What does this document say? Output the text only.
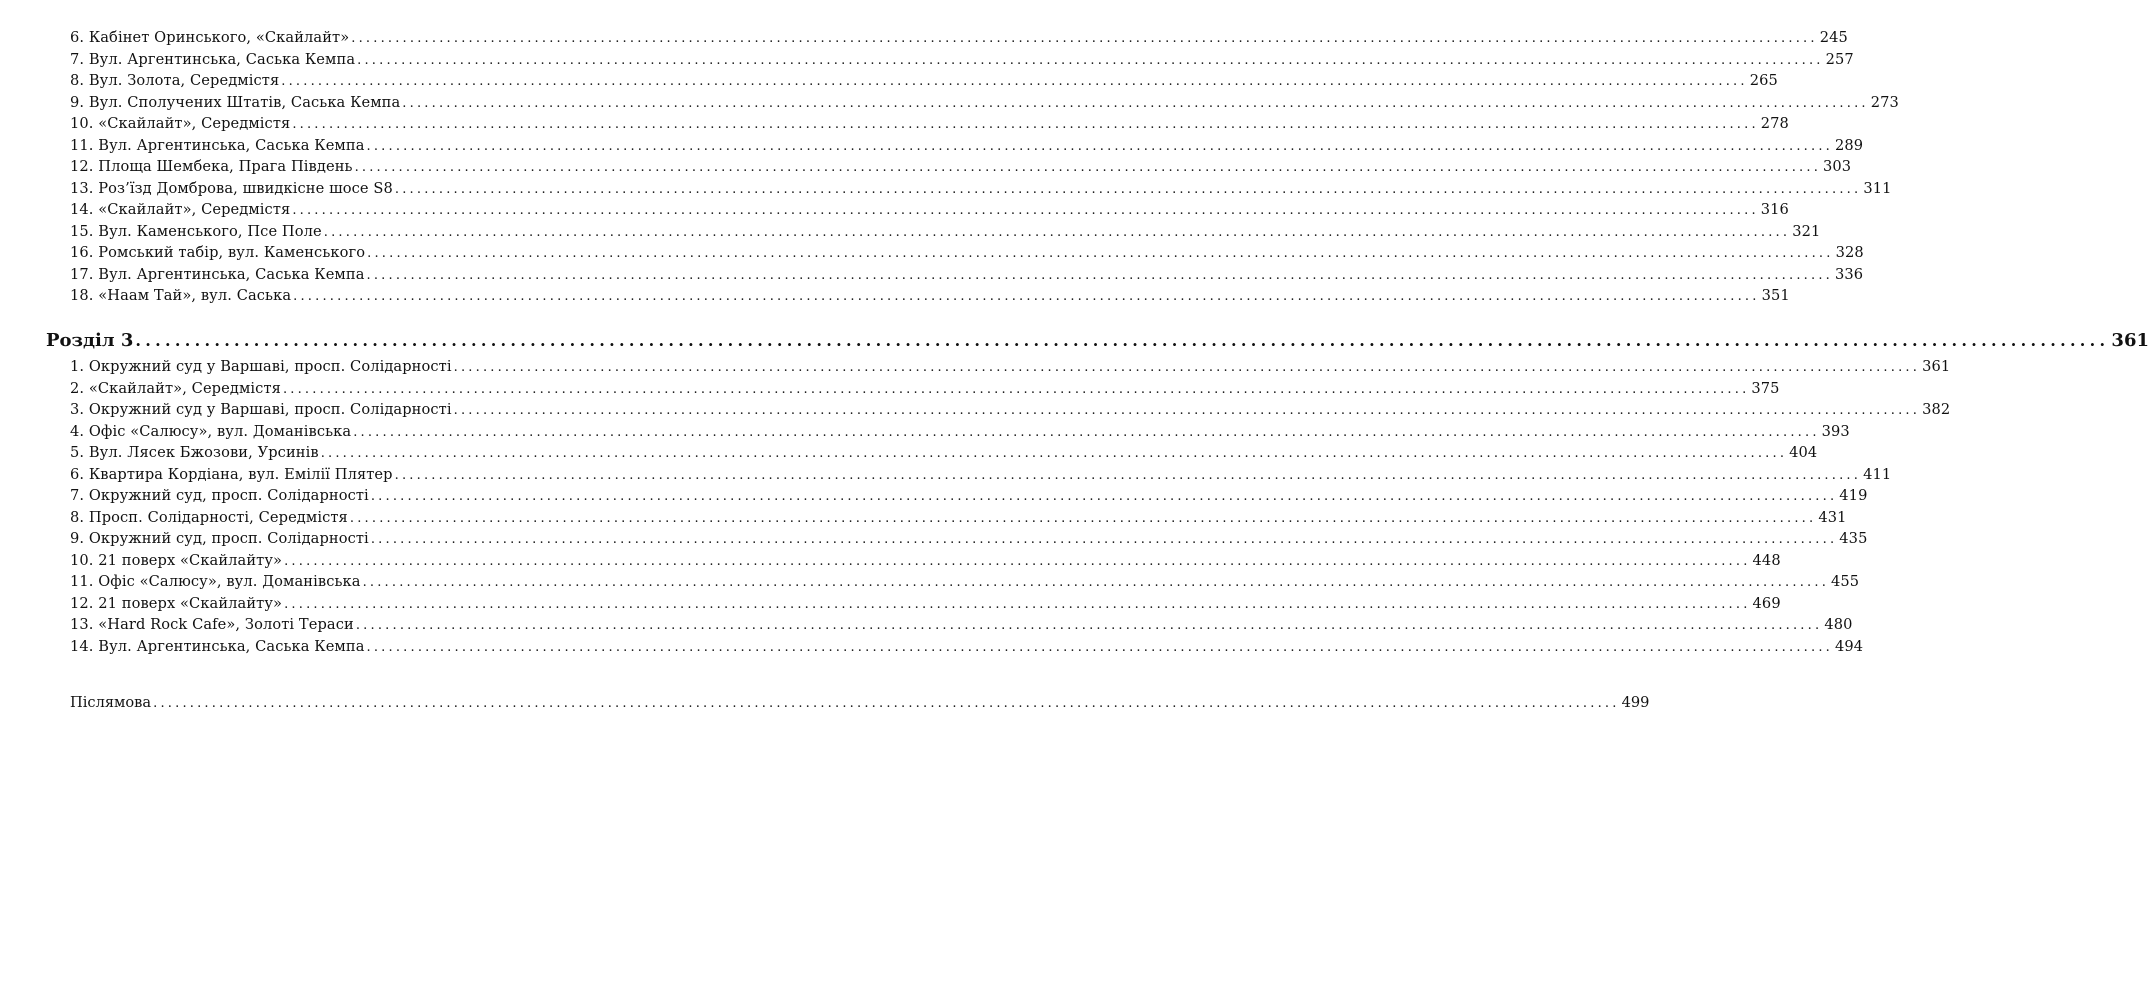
6. Кабінет Оринського, «Скайлайт» ........................................................................................................................................................................................................ 245
7. Вул. Аргентинська, Саська Кемпа ........................................................................................................................................................................................................ 257
8. Вул. Золота, Середмістя ........................................................................................................................................................................................................ 265
9. Вул. Сполучених Штатів, Саська Кемпа ........................................................................................................................................................................................................ 273
10. «Скайлайт», Середмістя ........................................................................................................................................................................................................ 278
11. Вул. Аргентинська, Саська Кемпа ........................................................................................................................................................................................................ 289
12. Площа Шембека, Прага Південь ........................................................................................................................................................................................................ 303
13. Роз’їзд Домброва, швидкісне шосе S8 ........................................................................................................................................................................................................ 311
14. «Скайлайт», Середмістя ........................................................................................................................................................................................................ 316
15. Вул. Каменського, Псе Поле ........................................................................................................................................................................................................ 321
16. Ромський табір, вул. Каменського ........................................................................................................................................................................................................ 328
17. Вул. Аргентинська, Саська Кемпа ........................................................................................................................................................................................................ 336
18. «Наам Тай», вул. Саська ........................................................................................................................................................................................................ 351
Розділ 3 ........................................................................................................................................................................................................ 361
1. Окружний суд у Варшаві, просп. Солідарності ........................................................................................................................................................................................................ 361
2. «Скайлайт», Середмістя ........................................................................................................................................................................................................ 375
3. Окружний суд у Варшаві, просп. Солідарності ........................................................................................................................................................................................................ 382
4. Офіс «Салюсу», вул. Доманівська ........................................................................................................................................................................................................ 393
5. Вул. Лясек Бжозови, Урсинів ........................................................................................................................................................................................................ 404
6. Квартира Кордіана, вул. Емілії Плятер ........................................................................................................................................................................................................ 411
7. Окружний суд, просп. Солідарності ........................................................................................................................................................................................................ 419
8. Просп. Солідарності, Середмістя ........................................................................................................................................................................................................ 431
9. Окружний суд, просп. Солідарності ........................................................................................................................................................................................................ 435
10. 21 поверх «Скайлайту» ........................................................................................................................................................................................................ 448
11. Офіс «Салюсу», вул. Доманівська ........................................................................................................................................................................................................ 455
12. 21 поверх «Скайлайту» ........................................................................................................................................................................................................ 469
13. «Hard Rock Cafe», Золоті Тераси ........................................................................................................................................................................................................ 480
14. Вул. Аргентинська, Саська Кемпа ........................................................................................................................................................................................................ 494
Післямова ........................................................................................................................................................................................................ 499
